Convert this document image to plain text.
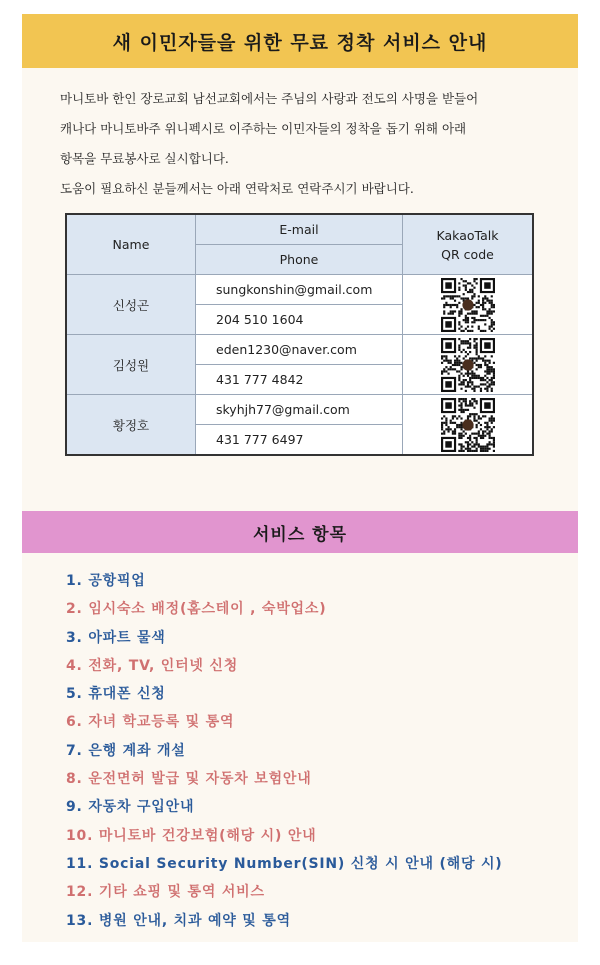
새 이민자들을 위한 무료 정착 서비스 안내

마니토바 한인 장로교회 남선교회에서는 주님의 사랑과 전도의 사명을 받들어

캐나다 마니토바주 위니펙시로 이주하는 이민자들의 정착을 돕기 위해 아래

항목을 무료봉사로 실시합니다.

도움이 필요하신 분들께서는 아래 연락처로 연락주시기 바랍니다.

Name	E-mail	KakaoTalk
QR code

	Phone	
신성곤	sungkonshin@gmail.com	

	204 510 1604	
김성원	eden1230@naver.com	

	431 777 4842	
황정호	skyhjh77@gmail.com	

	431 777 6497	
서비스 항목
1. 공항픽업
2. 임시숙소 배정(홈스테이 , 숙박업소)
3. 아파트 물색
4. 전화, TV, 인터넷 신청
5. 휴대폰 신청
6. 자녀 학교등록 및 통역
7. 은행 계좌 개설
8. 운전면허 발급 및 자동차 보험안내
9. 자동차 구입안내
10. 마니토바 건강보험(해당 시) 안내
11. Social Security Number(SIN) 신청 시 안내 (해당 시)
12. 기타 쇼핑 및 통역 서비스
13. 병원 안내, 치과 예약 및 통역
